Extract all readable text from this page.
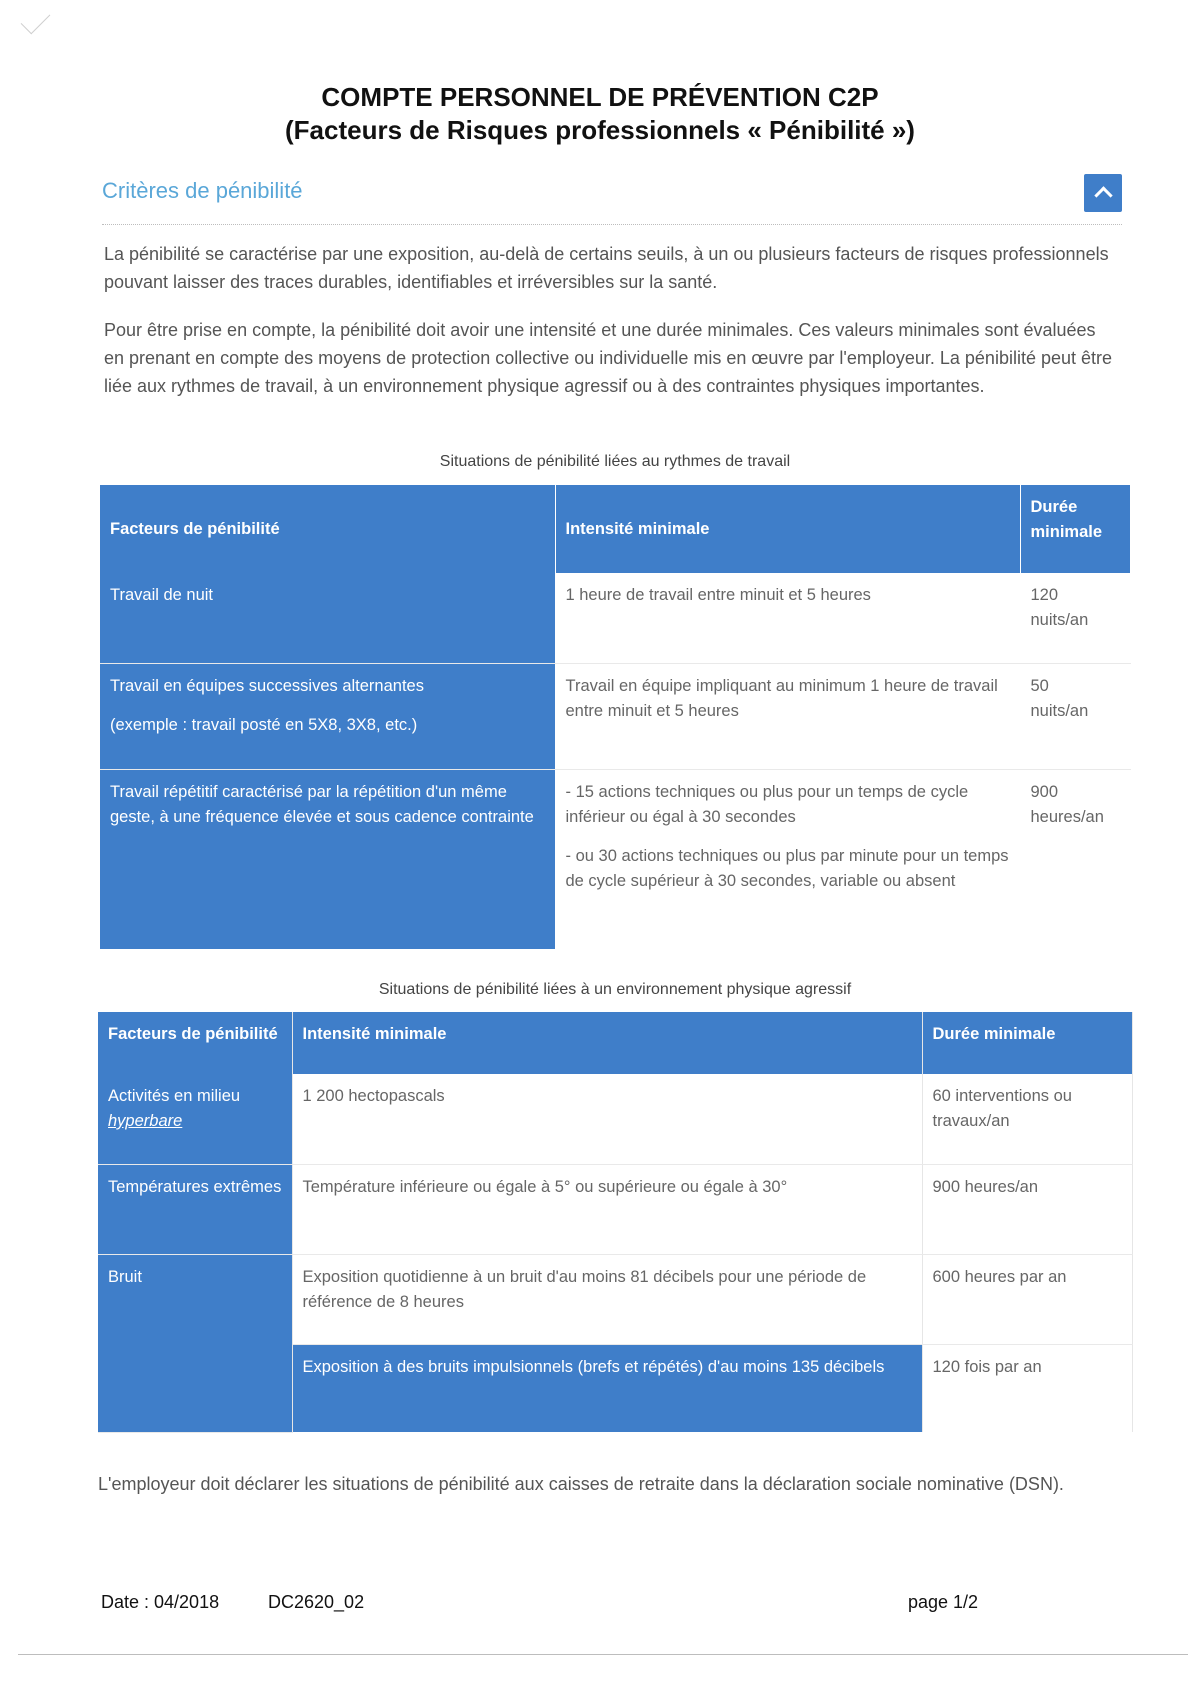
COMPTE PERSONNEL DE PRÉVENTION C2P
(Facteurs de Risques professionnels « Pénibilité »)
Critères de pénibilité

La pénibilité se caractérise par une exposition, au-delà de certains seuils, à un ou plusieurs facteurs de risques professionnels pouvant laisser des traces durables, identifiables et irréversibles sur la santé.

Pour être prise en compte, la pénibilité doit avoir une intensité et une durée minimales. Ces valeurs minimales sont évaluées en prenant en compte des moyens de protection collective ou individuelle mis en œuvre par l'employeur. La pénibilité peut être liée aux rythmes de travail, à un environnement physique agressif ou à des contraintes physiques importantes.

Situations de pénibilité liées au rythmes de travail
Facteurs de pénibilité	Intensité minimale	Durée minimale
Travail de nuit	1 heure de travail entre minuit et 5 heures	120
nuits/an

Travail en équipes successives alternantes
(exemple : travail posté en 5X8, 3X8, etc.)	Travail en équipe impliquant au minimum 1 heure de travail entre minuit et 5 heures	50
nuits/an

Travail répétitif caractérisé par la répétition d'un même geste, à une fréquence élevée et sous cadence contrainte	- 15 actions techniques ou plus pour un temps de cycle inférieur ou égal à 30 secondes
- ou 30 actions techniques ou plus par minute pour un temps de cycle supérieur à 30 secondes, variable ou absent	900
heures/an
Situations de pénibilité liées à un environnement physique agressif
Facteurs de pénibilité	Intensité minimale	Durée minimale

Activités en milieu
hyperbare	1 200 hectopascals	60 interventions ou travaux/an
Températures extrêmes	Température inférieure ou égale à 5° ou supérieure ou égale à 30°	900 heures/an
Bruit	Exposition quotidienne à un bruit d'au moins 81 décibels pour une période de référence de 8 heures	600 heures par an
	Exposition à des bruits impulsionnels (brefs et répétés) d'au moins 135 décibels	120 fois par an

L'employeur doit déclarer les situations de pénibilité aux caisses de retraite dans la déclaration sociale nominative (DSN).

Date : 04/2018	DC2620_02	page 1/2
